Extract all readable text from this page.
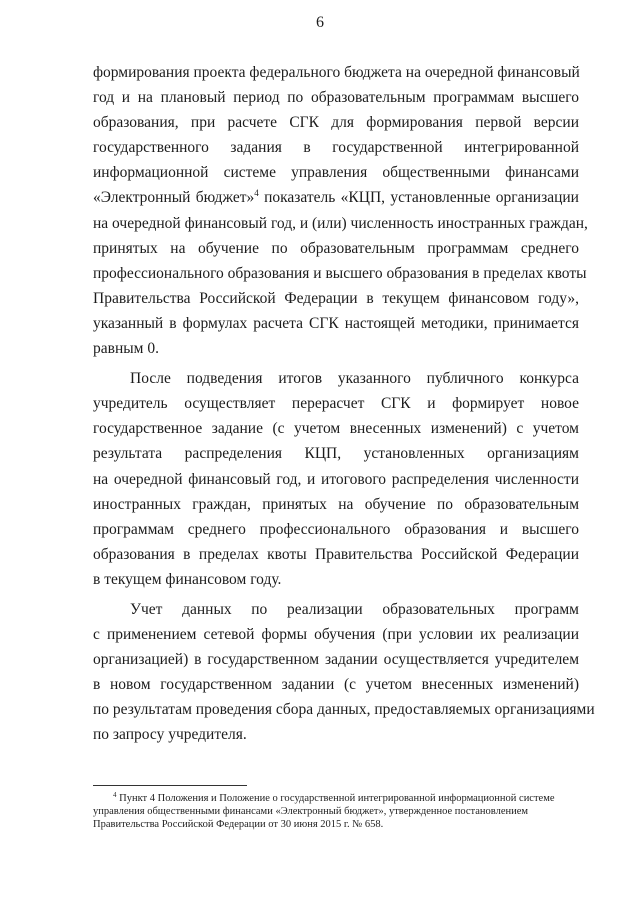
6
формирования проекта федерального бюджета на очередной финансовый
год и на плановый период по образовательным программам высшего
образования, при расчете СГК для формирования первой версии
государственного задания в государственной интегрированной
информационной системе управления общественными финансами
«Электронный бюджет»$^4$ показатель «КЦП, установленные организации
на очередной финансовый год, и (или) численность иностранных граждан,
принятых на обучение по образовательным программам среднего
профессионального образования и высшего образования в пределах квоты
Правительства Российской Федерации в текущем финансовом году»,
указанный в формулах расчета СГК настоящей методики, принимается
равным 0.
После подведения итогов указанного публичного конкурса
учредитель осуществляет перерасчет СГК и формирует новое
государственное задание (с учетом внесенных изменений) с учетом
результата распределения КЦП, установленных организациям
на очередной финансовый год, и итогового распределения численности
иностранных граждан, принятых на обучение по образовательным
программам среднего профессионального образования и высшего
образования в пределах квоты Правительства Российской Федерации
в текущем финансовом году.
Учет данных по реализации образовательных программ
с применением сетевой формы обучения (при условии их реализации
организацией) в государственном задании осуществляется учредителем
в новом государственном задании (с учетом внесенных изменений)
по результатам проведения сбора данных, предоставляемых организациями
по запросу учредителя.
$^4$ Пункт 4 Положения и Положение о государственной интегрированной информационной системе
управления общественными финансами «Электронный бюджет», утвержденное постановлением
Правительства Российской Федерации от 30 июня 2015 г. № 658.
